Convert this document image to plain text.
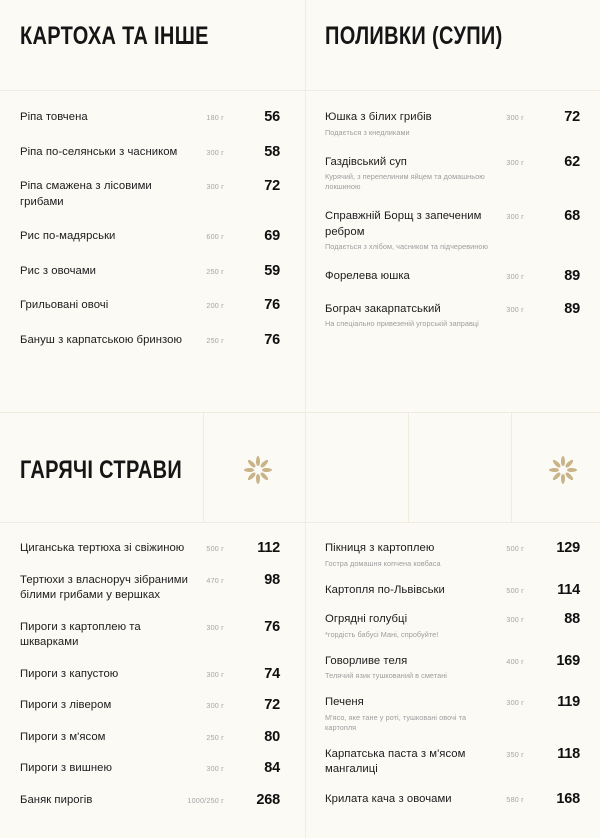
КАРТОХА ТА ІНШЕ	ПОЛИВКИ (СУПИ)
Ріпа товчена	180 г	56
Ріпа по-селянськи з часником	300 г	58
Ріпа смажена з лісовими грибами
300 г	72
Рис по-мадярськи	600 г	69
Рис з овочами	250 г	59
Грильовані овочі	200 г	76
Бануш з карпатською бринзою	250 г	76
Юшка з білих грибів
Подається з кнедликами
300 г	72
Газдівський суп
Курячий, з перепелиним яйцем та домашньою локшиною
300 г	62
Справжній Борщ з запеченим ребром
Подається з хлібом, часником та підчеревиною
300 г	68
Форелева юшка	300 г	89
Богpач закарпатський
На спеціально привезеній угорській заправці
300 г	89
ГАРЯЧІ СТРАВИ
Циганська тертюха зі свіжиною	500 г	112
Тертюхи з власноруч зібраними білими грибами у вершках
470 г	98
Пироги з картоплею та шкварками
300 г	76
Пироги з капустою	300 г	74
Пироги з лівером	300 г	72
Пироги з м'ясом	250 г	80
Пироги з вишнею	300 г	84
Баняк пирогів	1000/250 г	268
Пікниця з картоплею
Гостра домашня копчена ковбаса
500 г	129
Картопля по-Львівськи	500 г	114
Огрядні голубці
*гордість бабусі Мані, спробуйте!
300 г	88
Говорливе теля
Телячий язик тушкований в сметані
400 г	169
Печеня
М'ясо, яке тане у роті, тушковані овочі та картопля
300 г	119
Карпатська паста з м'ясом мангалиці
350 г	118
Крилата кача з овочами	580 г	168
